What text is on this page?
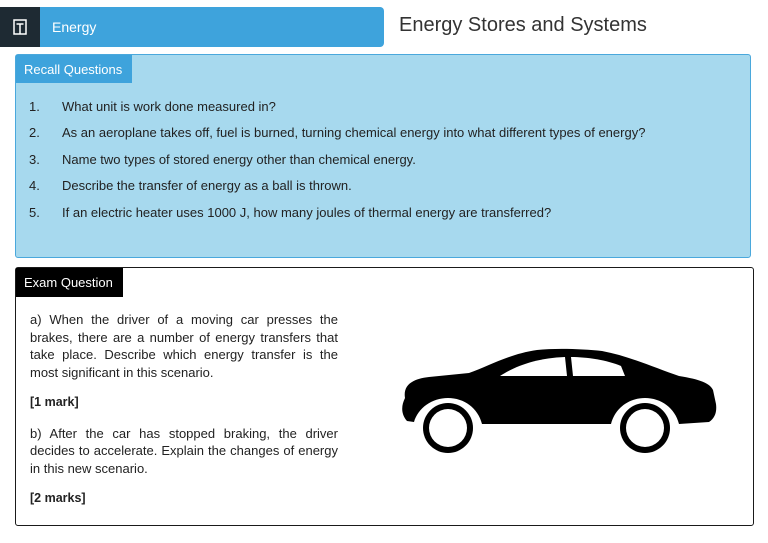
Energy	Energy Stores and Systems
Recall Questions
1.	What unit is work done measured in?
2.	As an aeroplane takes off, fuel is burned, turning chemical energy into what different types of energy?
3.	Name two types of stored energy other than chemical energy.
4.	Describe the transfer of energy as a ball is thrown.
5.	If an electric heater uses 1000 J, how many joules of thermal energy are transferred?
Exam Question

a) When the driver of a moving car presses the brakes, there are a number of energy transfers that take place. Describe which energy transfer is the most significant in this scenario.

[1 mark]

b) After the car has stopped braking, the driver decides to accelerate. Explain the changes of energy in this new scenario.

[2 marks]
